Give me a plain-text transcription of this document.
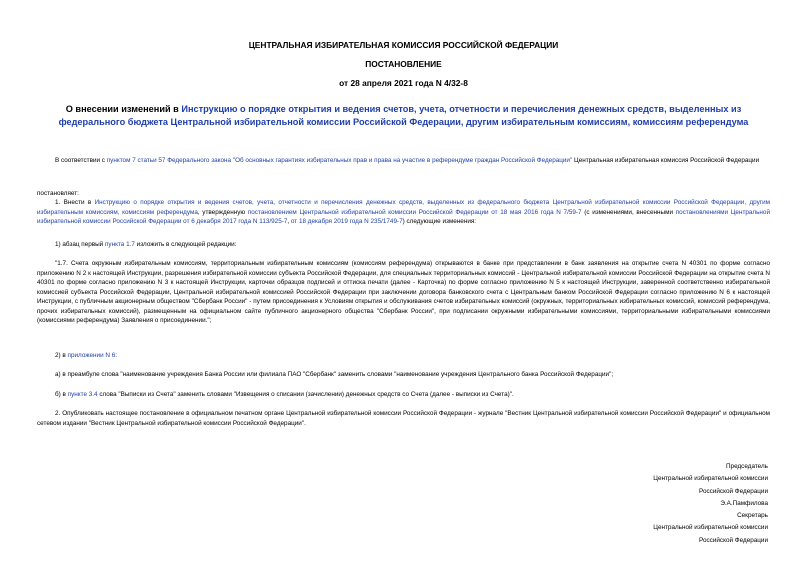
ЦЕНТРАЛЬНАЯ ИЗБИРАТЕЛЬНАЯ КОМИССИЯ РОССИЙСКОЙ ФЕДЕРАЦИИ
ПОСТАНОВЛЕНИЕ
от 28 апреля 2021 года N 4/32-8
О внесении изменений в Инструкцию о порядке открытия и ведения счетов, учета, отчетности и перечисления денежных средств, выделенных из федерального бюджета Центральной избирательной комиссии Российской Федерации, другим избирательным комиссиям, комиссиям референдума
В соответствии с пунктом 7 статьи 57 Федерального закона "Об основных гарантиях избирательных прав и права на участие в референдуме граждан Российской Федерации" Центральная избирательная комиссия Российской Федерации
постановляет:
1. Внести в Инструкцию о порядке открытия и ведения счетов, учета, отчетности и перечисления денежных средств, выделенных из федерального бюджета Центральной избирательной комиссии Российской Федерации, другим избирательным комиссиям, комиссиям референдума, утвержденную постановлением Центральной избирательной комиссии Российской Федерации от 18 мая 2016 года N 7/59-7 (с изменениями, внесенными постановлениями Центральной избирательной комиссии Российской Федерации от 6 декабря 2017 года N 113/925-7, от 18 декабря 2019 года N 235/1749-7) следующие изменения:
1) абзац первый пункта 1.7 изложить в следующей редакции:
"1.7. Счета окружным избирательным комиссиям, территориальным избирательным комиссиям (комиссиям референдума) открываются в банке при представлении в банк заявления на открытие счета N 40301 по форме согласно приложению N 2 к настоящей Инструкции, разрешения избирательной комиссии субъекта Российской Федерации, для специальных территориальных комиссий - Центральной избирательной комиссии Российской Федерации на открытие счета N 40301 по форме согласно приложению N 3 к настоящей Инструкции, карточки образцов подписей и оттиска печати (далее - Карточка) по форме согласно приложению N 5 к настоящей Инструкции, заверенной соответственно избирательной комиссией субъекта Российской Федерации, Центральной избирательной комиссией Российской Федерации при заключении договора банковского счета с Центральным банком Российской Федерации согласно приложению N 6 к настоящей Инструкции, с публичным акционерным обществом "Сбербанк России" - путем присоединения к Условиям открытия и обслуживания счетов избирательных комиссий (окружных, территориальных избирательных комиссий, комиссий референдума, прочих избирательных комиссий), размещенным на официальном сайте публичного акционерного общества "Сбербанк России", при подписании окружными избирательными комиссиями, территориальными избирательными комиссиями (комиссиями референдума) Заявления о присоединении.";
2) в приложении N 6:
а) в преамбуле слова "наименование учреждения Банка России или филиала ПАО "Сбербанк" заменить словами "наименование учреждения Центрального банка Российской Федерации";
б) в пункте 3.4 слова "Выписки из Счета" заменить словами "Извещения о списании (зачислении) денежных средств со Счета (далее - выписки из Счета)".
2. Опубликовать настоящее постановление в официальном печатном органе Центральной избирательной комиссии Российской Федерации - журнале "Вестник Центральной избирательной комиссии Российской Федерации" и официальном сетевом издании "Вестник Центральной избирательной комиссии Российской Федерации".
Председатель
Центральной избирательной комиссии
Российской Федерации
Э.А.Памфилова
Секретарь
Центральной избирательной комиссии
Российской Федерации
